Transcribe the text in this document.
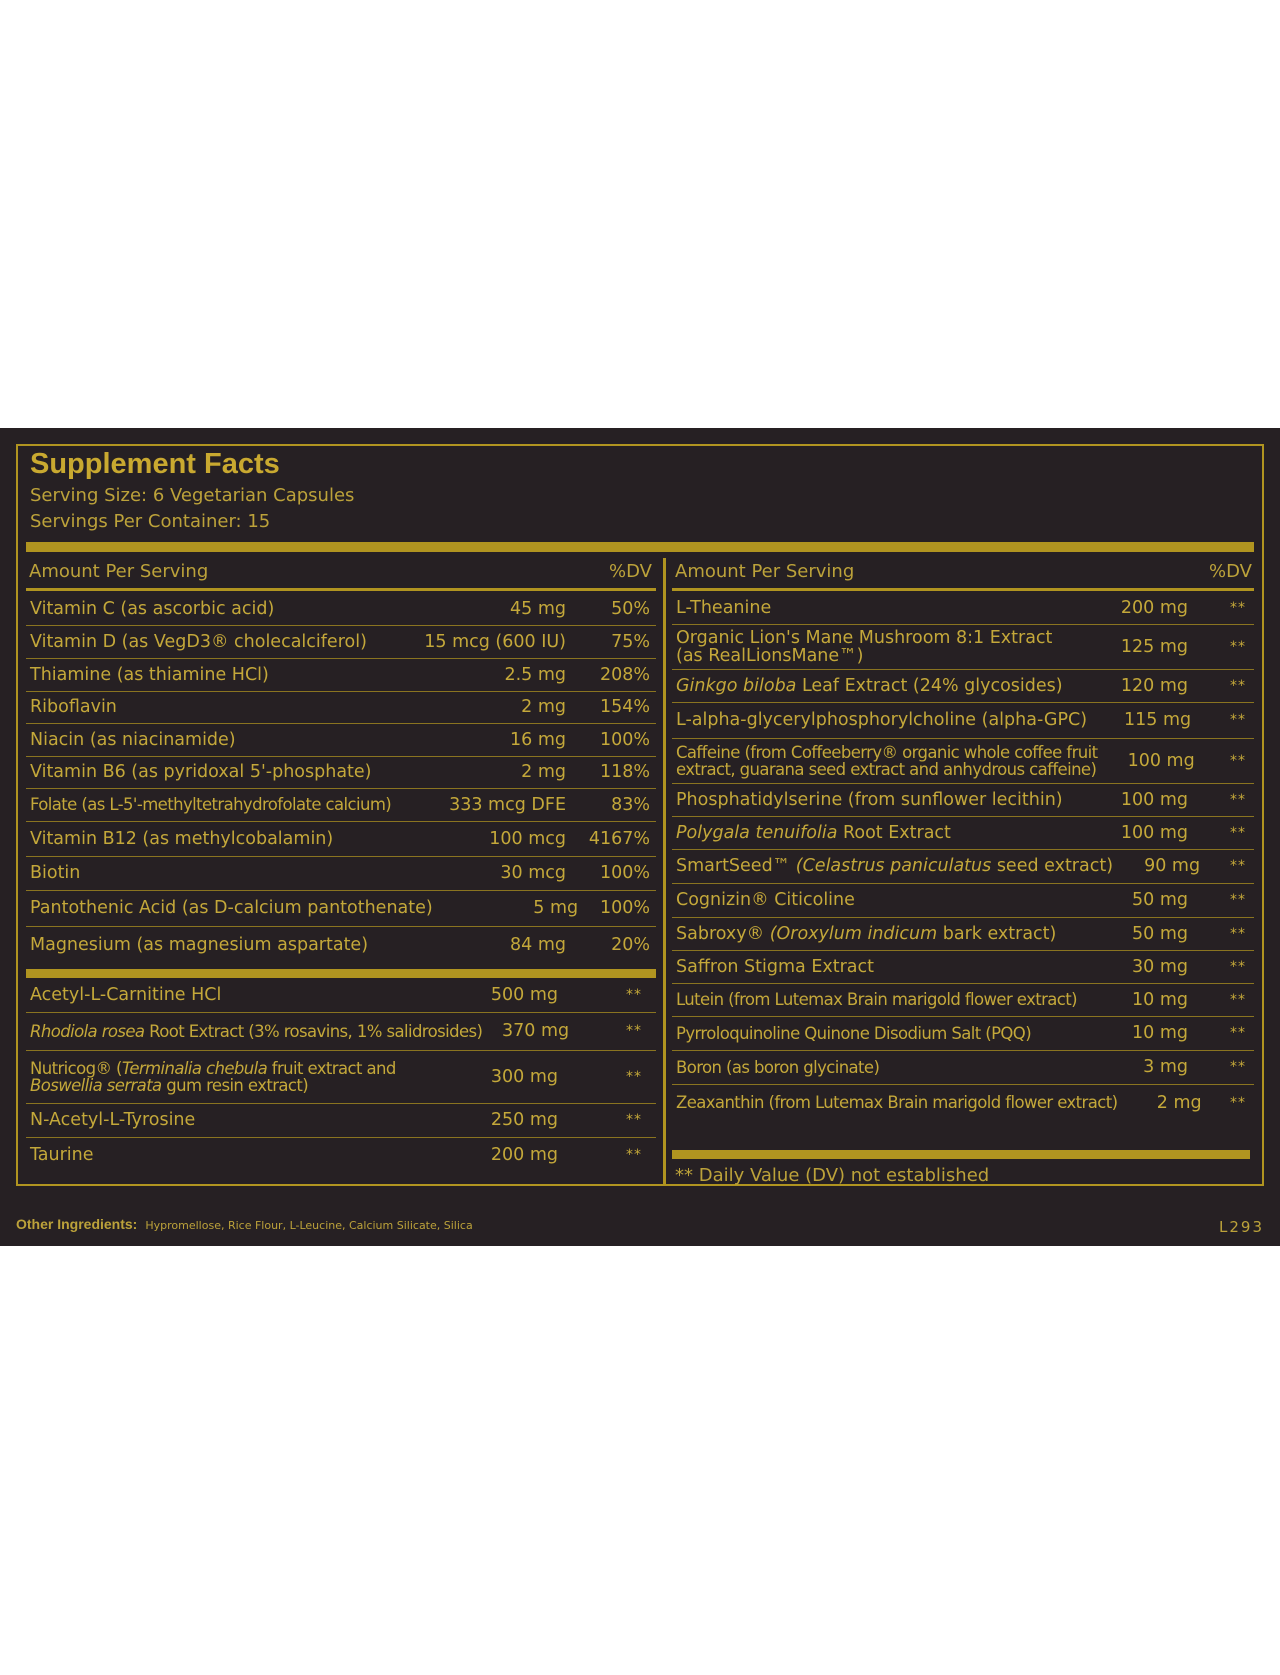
Supplement Facts
Serving Size: 6 Vegetarian Capsules
Servings Per Container: 15
Amount Per Serving	%DV Amount Per Serving	%DV
Vitamin C (as ascorbic acid)	45 mg	50%
Vitamin D (as VegD3® cholecalciferol)	15 mcg (600 IU)	75%
Thiamine (as thiamine HCl)	2.5 mg	208%
Riboflavin	2 mg	154%
Niacin (as niacinamide)	16 mg	100%
Vitamin B6 (as pyridoxal 5'-phosphate)	2 mg	118%
Folate (as L-5'-methyltetrahydrofolate calcium)	333 mcg DFE	83%
Vitamin B12 (as methylcobalamin)	100 mcg	4167%
Biotin	30 mcg	100%
Pantothenic Acid (as D-calcium pantothenate)	5 mg	100%
Magnesium (as magnesium aspartate)	84 mg	20%
Acetyl-L-Carnitine HCl	500 mg	**
Rhodiola rosea Root Extract (3% rosavins, 1% salidrosides)	370 mg	**
Nutricog® (Terminalia chebula fruit extract and Boswellia serrata gum resin extract)	300 mg	**
N-Acetyl-L-Tyrosine	250 mg	**
Taurine	200 mg	**
L-Theanine	200 mg	**
Organic Lion's Mane Mushroom 8:1 Extract
(as RealLionsMane™)	125 mg	**
Ginkgo biloba Leaf Extract (24% glycosides)	120 mg	**
L-alpha-glycerylphosphorylcholine (alpha-GPC)	115 mg	**
Caffeine (from Coffeeberry® organic whole coffee fruit
extract, guarana seed extract and anhydrous caffeine)	100 mg	**
Phosphatidylserine (from sunflower lecithin)	100 mg	**
Polygala tenuifolia Root Extract	100 mg	**
SmartSeed™ (Celastrus paniculatus seed extract)	90 mg	**
Cognizin® Citicoline	50 mg	**
Sabroxy® (Oroxylum indicum bark extract)	50 mg	**
Saffron Stigma Extract	30 mg	**
Lutein (from Lutemax Brain marigold flower extract)	10 mg	**
Pyrroloquinoline Quinone Disodium Salt (PQQ)	10 mg	**
Boron (as boron glycinate)	3 mg	**
Zeaxanthin (from Lutemax Brain marigold flower extract)	2 mg	**
** Daily Value (DV) not established
Other Ingredients: Hypromellose, Rice Flour, L-Leucine, Calcium Silicate, Silica	L293
